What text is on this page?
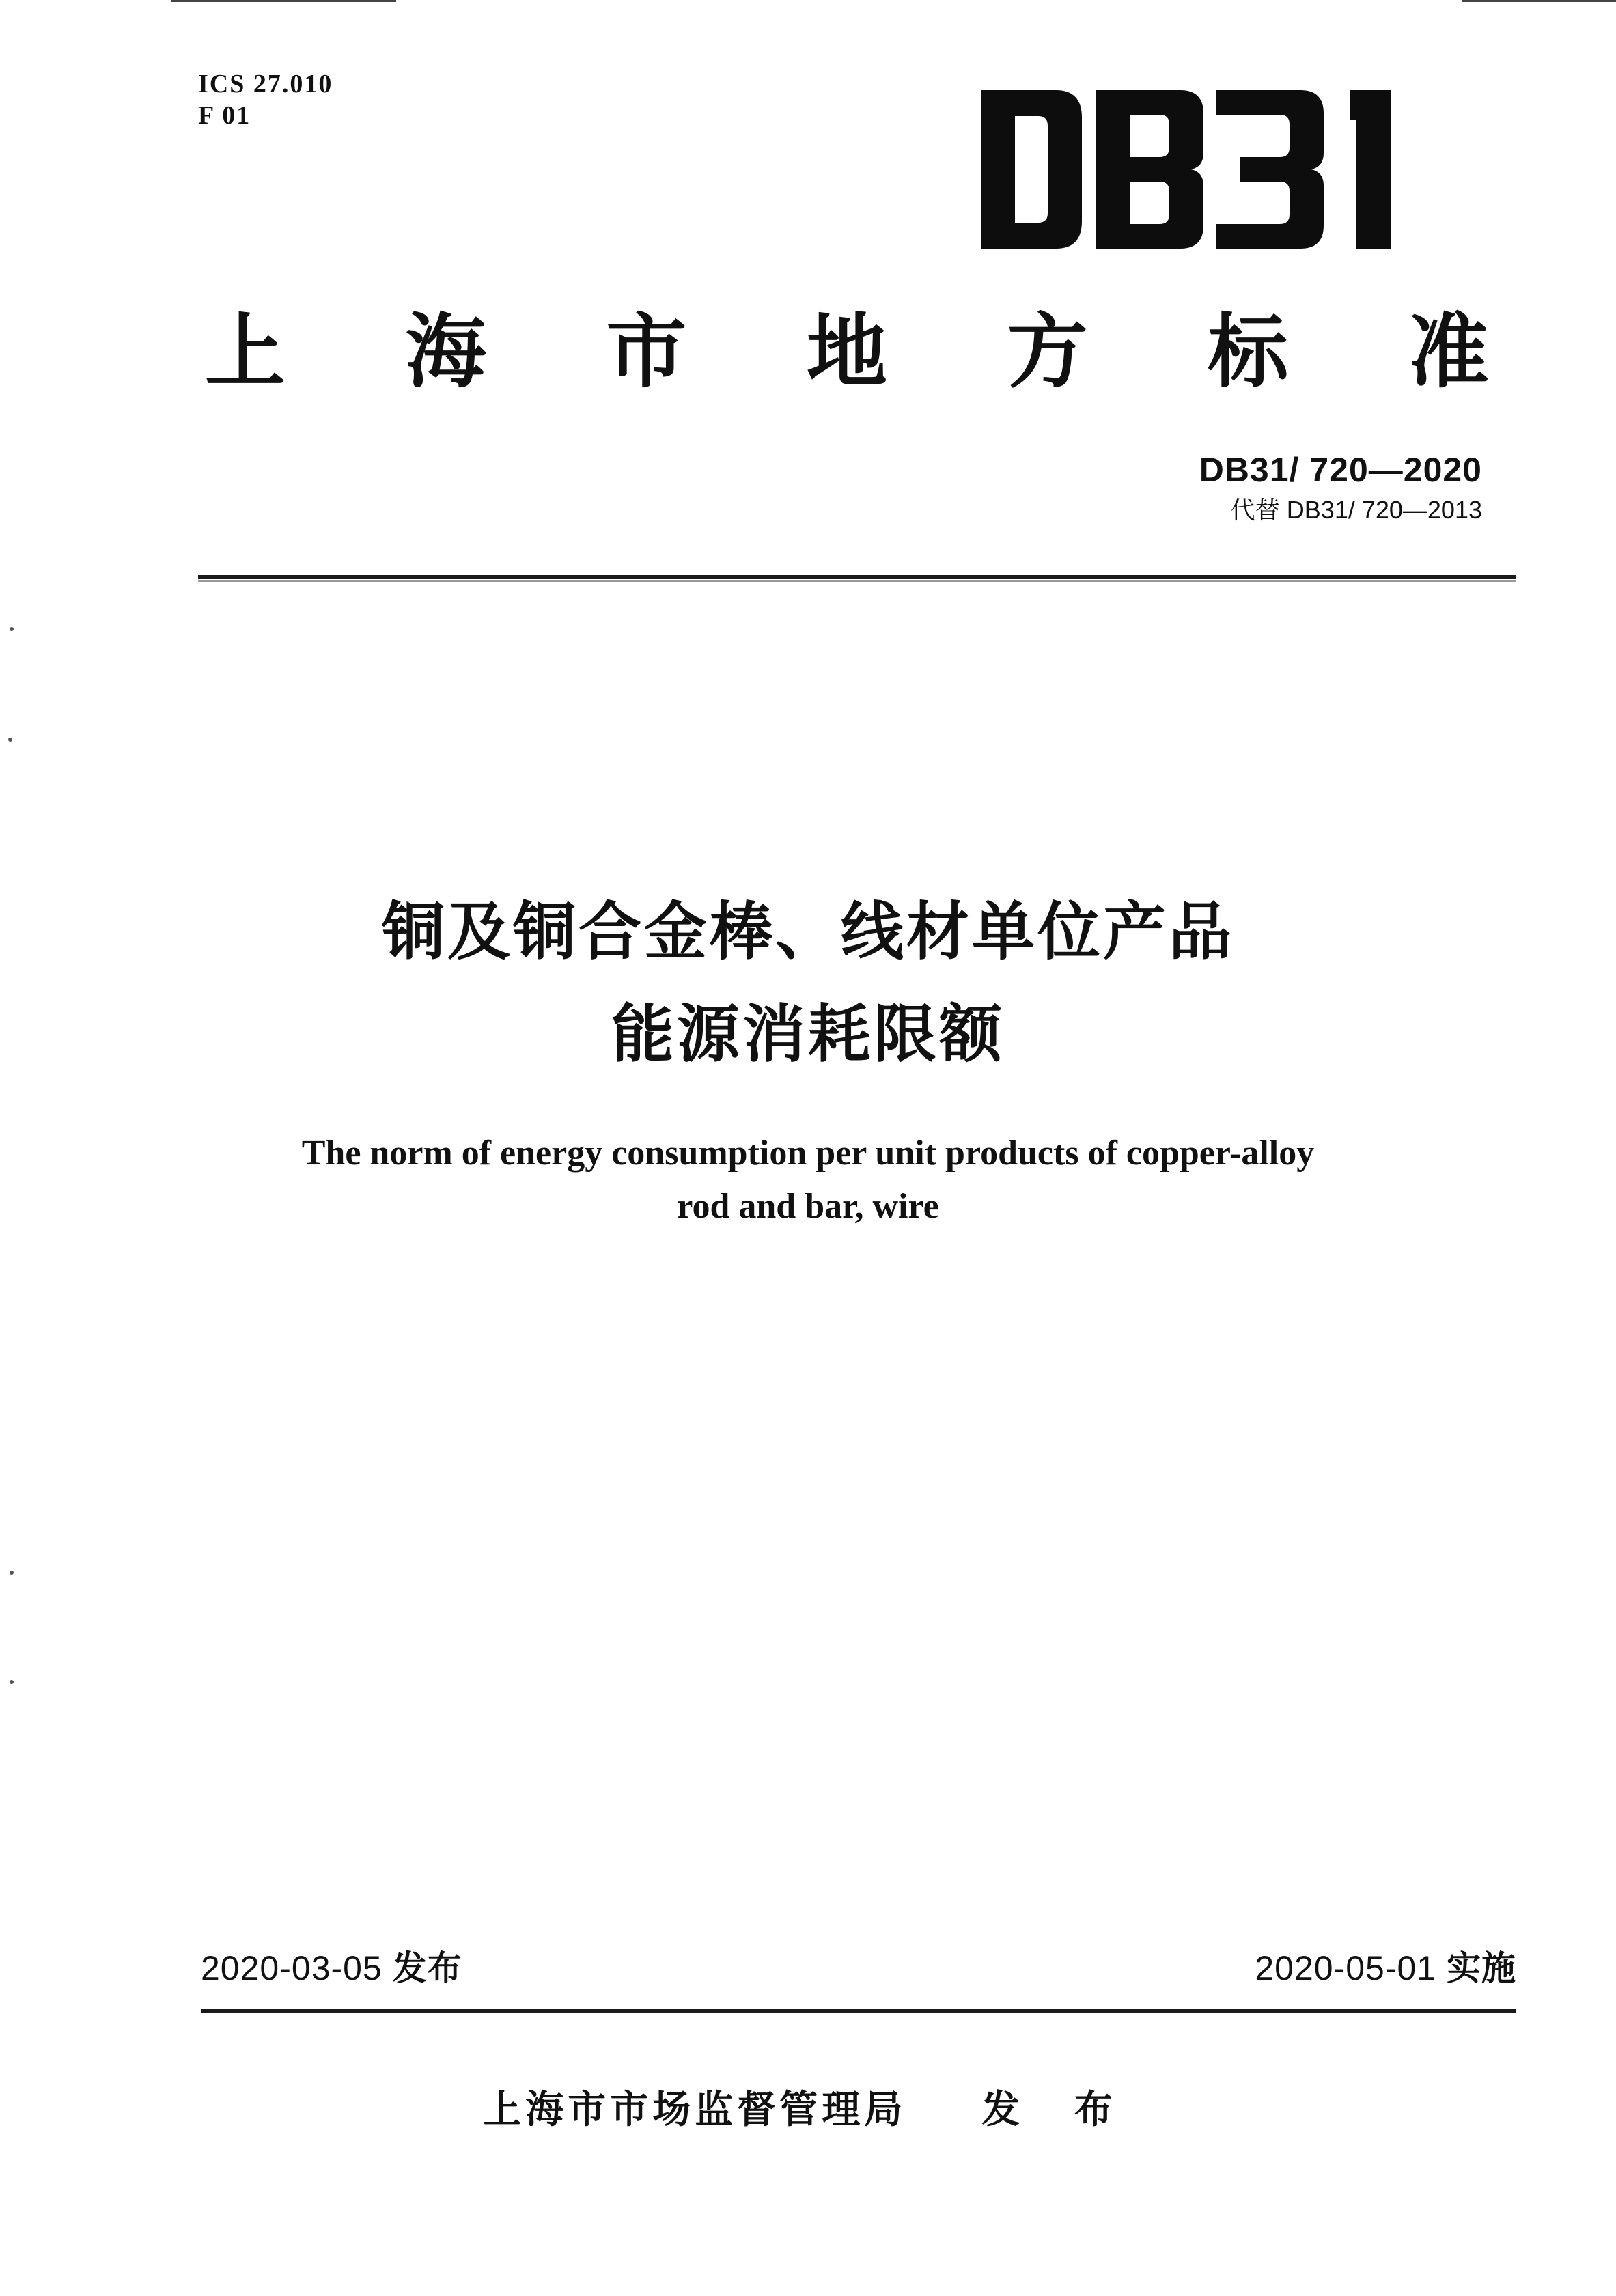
ICS 27.010
F 01
上 海 市 地 方 标 准
DB31/ 720—2020
代替 DB31/ 720—2013
铜及铜合金棒、线材单位产品
能源消耗限额
The norm of energy consumption per unit products of copper-alloy
rod and bar, wire
2020-03-05 发布	2020-05-01 实施
上海市市场监督管理局 发 布
